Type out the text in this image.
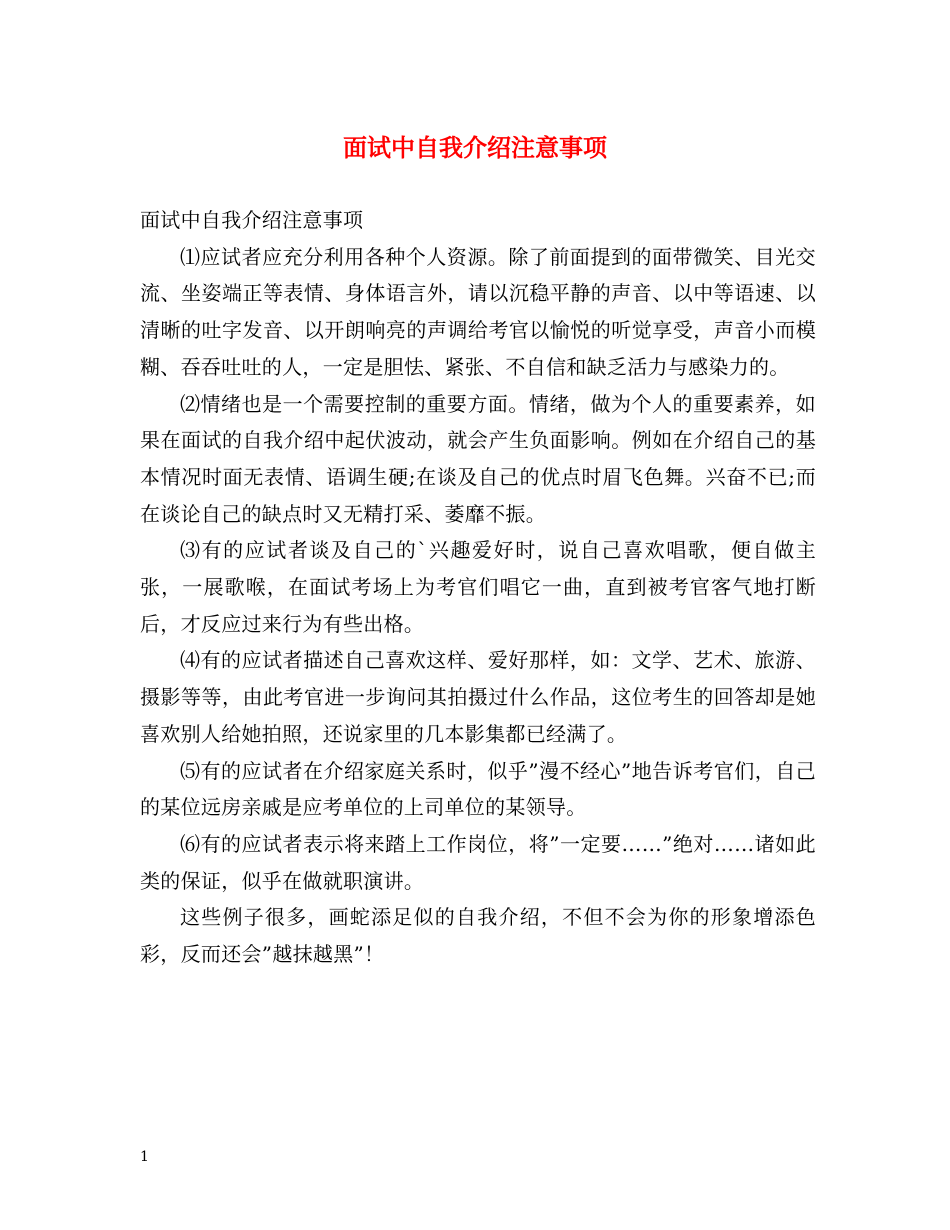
面试中自我介绍注意事项

面试中自我介绍注意事项

⑴应试者应充分利用各种个人资源。除了前面提到的面带微笑、目光交流、坐姿端正等表情、身体语言外，请以沉稳平静的声音、以中等语速、以清晰的吐字发音、以开朗响亮的声调给考官以愉悦的听觉享受，声音小而模糊、吞吞吐吐的人，一定是胆怯、紧张、不自信和缺乏活力与感染力的。

⑵情绪也是一个需要控制的重要方面。情绪，做为个人的重要素养，如果在面试的自我介绍中起伏波动，就会产生负面影响。例如在介绍自己的基本情况时面无表情、语调生硬;在谈及自己的优点时眉飞色舞。兴奋不已;而在谈论自己的缺点时又无精打采、萎靡不振。

⑶有的应试者谈及自己的`兴趣爱好时，说自己喜欢唱歌，便自做主张，一展歌喉，在面试考场上为考官们唱它一曲，直到被考官客气地打断后，才反应过来行为有些出格。

⑷有的应试者描述自己喜欢这样、爱好那样，如：文学、艺术、旅游、摄影等等，由此考官进一步询问其拍摄过什么作品，这位考生的回答却是她喜欢别人给她拍照，还说家里的几本影集都已经满了。

⑸有的应试者在介绍家庭关系时，似乎”漫不经心”地告诉考官们，自己的某位远房亲戚是应考单位的上司单位的某领导。

⑹有的应试者表示将来踏上工作岗位，将”一定要……”绝对……诸如此类的保证，似乎在做就职演讲。

这些例子很多，画蛇添足似的自我介绍，不但不会为你的形象增添色彩，反而还会”越抹越黑”！

1
